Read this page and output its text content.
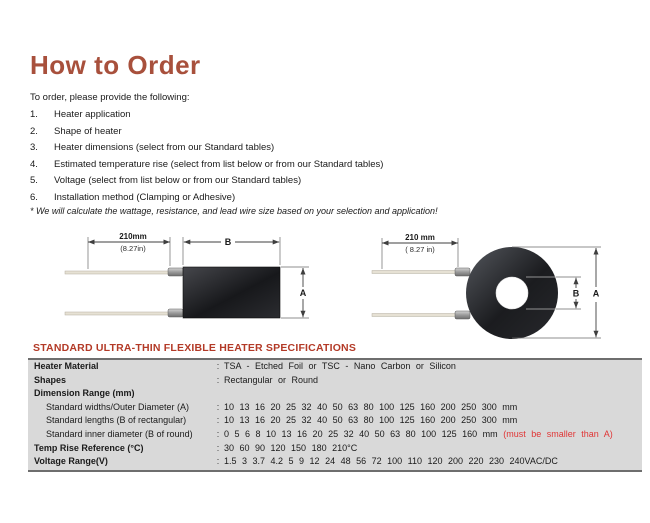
How to Order
To order, please provide the following:
1.	Heater application
2.	Shape of heater
3.	Heater dimensions (select from our Standard tables)
4.	Estimated temperature rise (select from list below or from our Standard tables)
5.	Voltage (select from list below or from our Standard tables)
6.	Installation method (Clamping or Adhesive)
* We will calculate the wattage, resistance, and lead wire size based on your selection and application!
210mm
(8.27in)
B
A
210 mm
( 8.27 in)
B A
STANDARD ULTRA-THIN FLEXIBLE HEATER SPECIFICATIONS
Heater Material	:	TSA - Etched Foil or TSC - Nano Carbon or Silicon
Shapes	:	Rectangular or Round
Dimension Range (mm)		
Standard widths/Outer Diameter (A)	:	10 13 16 20 25 32 40 50 63 80 100 125 160 200 250 300 mm
Standard lengths (B of rectangular)	:	10 13 16 20 25 32 40 50 63 80 100 125 160 200 250 300 mm
Standard inner diameter (B of round)	:	0 5 6 8 10 13 16 20 25 32 40 50 63 80 100 125 160 mm (must be smaller than A)
Temp Rise Reference (°C)	:	30 60 90 120 150 180 210°C
Voltage Range(V)	:	1.5 3 3.7 4.2 5 9 12 24 48 56 72 100 110 120 200 220 230 240VAC/DC
